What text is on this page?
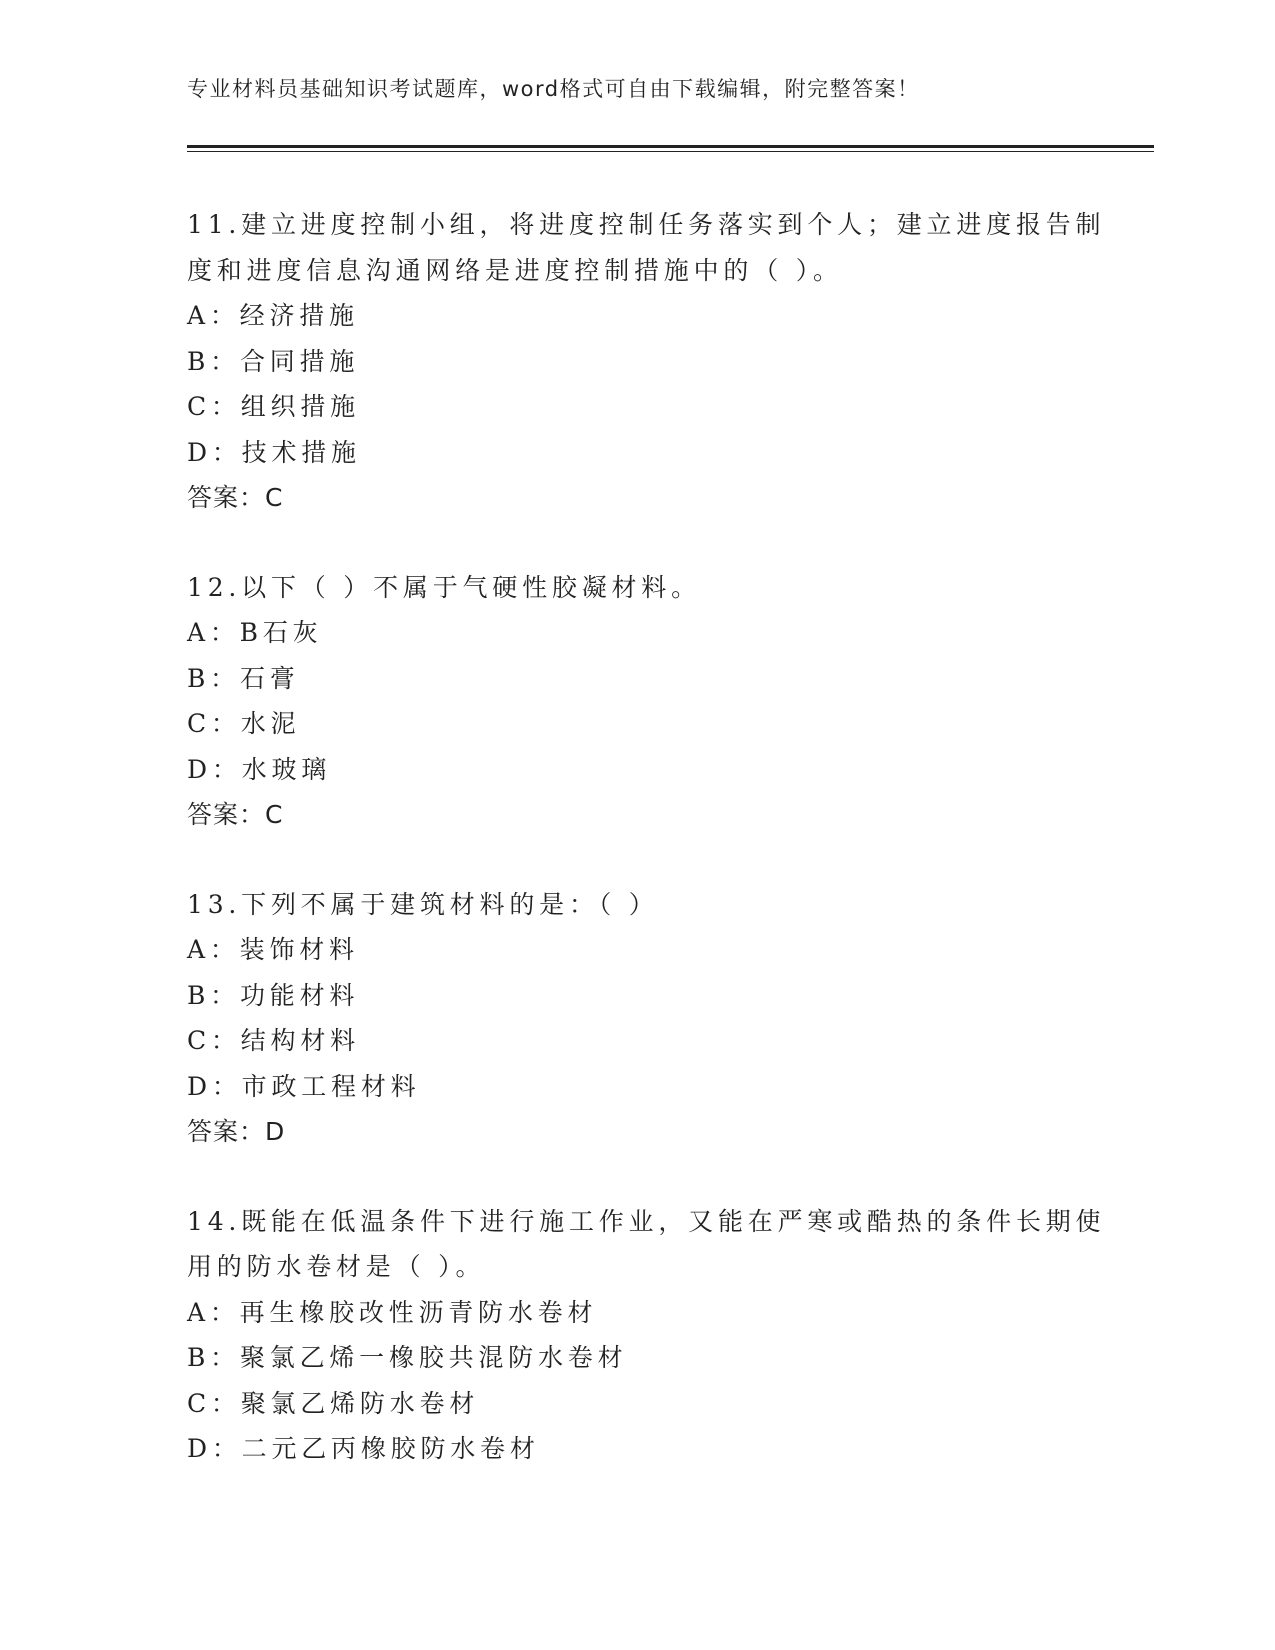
专业材料员基础知识考试题库，word格式可自由下载编辑，附完整答案！
11.建立进度控制小组，将进度控制任务落实到个人；建立进度报告制
度和进度信息沟通网络是进度控制措施中的（ ）。
A：经济措施
B：合同措施
C：组织措施
D：技术措施
答案：C
12.以下（ ）不属于气硬性胶凝材料。
A：B石灰
B：石膏
C：水泥
D：水玻璃
答案：C
13.下列不属于建筑材料的是：（ ）
A：装饰材料
B：功能材料
C：结构材料
D：市政工程材料
答案：D
14.既能在低温条件下进行施工作业，又能在严寒或酷热的条件长期使
用的防水卷材是（ ）。
A：再生橡胶改性沥青防水卷材
B：聚氯乙烯一橡胶共混防水卷材
C：聚氯乙烯防水卷材
D：二元乙丙橡胶防水卷材
